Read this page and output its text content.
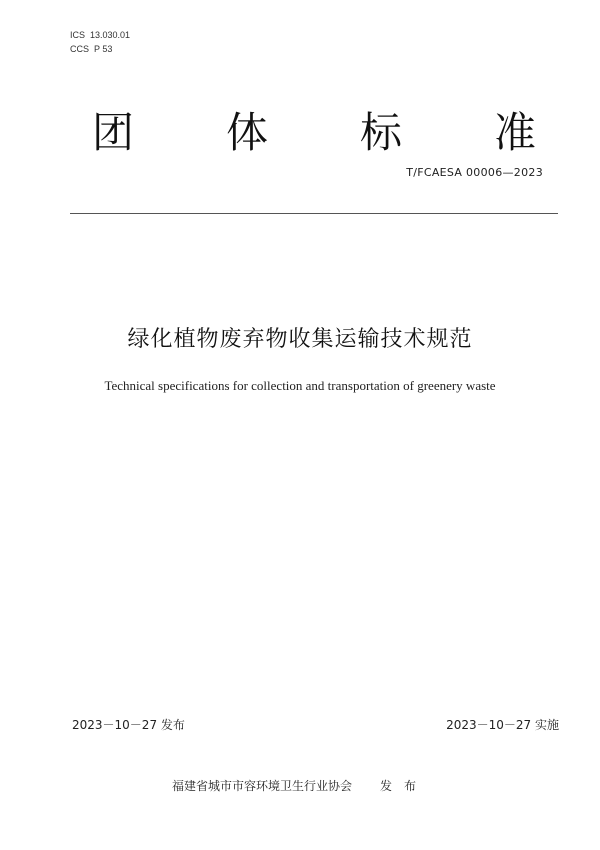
ICS  13.030.01
CCS  P 53
团	体	标	准
T/FCAESA 00006—2023
绿化植物废弃物收集运输技术规范
Technical specifications for collection and transportation of greenery waste
2023－10－27 发布	2023－10－27 实施
福建省城市市容环境卫生行业协会 发布
